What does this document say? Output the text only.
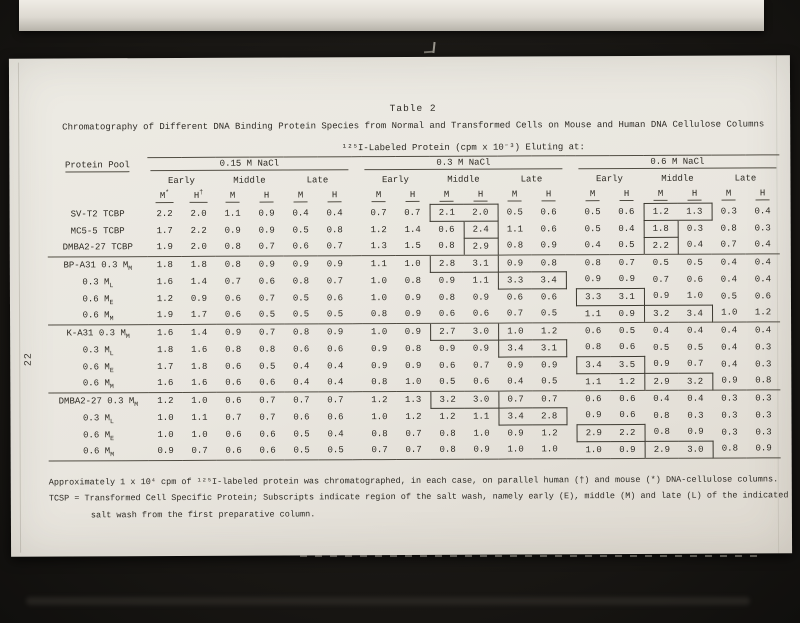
22
Table 2
Chromatography of Different DNA Binding Protein Species from Normal and Transformed Cells on Mouse and Human DNA Cellulose Columns
	¹²⁵I-Labeled Protein (cpm x 10⁻³) Eluting at:																			
Protein Pool	0.15 M NaCl							0.3 M NaCl							0.6 M NaCl					

	Early		Middle		Late			Early		Middle		Late			Early		Middle		Late	
	M*	H†	M	H	M	H		M	H	M	H	M	H		M	H	M	H	M	H
SV-T2 TCBP	2.2	2.0	1.1	0.9	0.4	0.4		0.7	0.7	2.1	2.0	0.5	0.6		0.5	0.6	1.2	1.3	0.3	0.4
MC5-5 TCBP	1.7	2.2	0.9	0.9	0.5	0.8		1.2	1.4	0.6	2.4	1.1	0.6		0.5	0.4	1.8	0.3	0.8	0.3
DMBA2-27 TCBP	1.9	2.0	0.8	0.7	0.6	0.7		1.3	1.5	0.8	2.9	0.8	0.9		0.4	0.5	2.2	0.4	0.7	0.4
BP-A31 0.3 $M_M$	1.8	1.8	0.8	0.9	0.9	0.9		1.1	1.0	2.8	3.1	0.9	0.8		0.8	0.7	0.5	0.5	0.4	0.4
0.3 $M_L$	1.6	1.4	0.7	0.6	0.8	0.7		1.0	0.8	0.9	1.1	3.3	3.4		0.9	0.9	0.7	0.6	0.4	0.4
0.6 $M_E$	1.2	0.9	0.6	0.7	0.5	0.6		1.0	0.9	0.8	0.9	0.6	0.6		3.3	3.1	0.9	1.0	0.5	0.6
0.6 $M_M$	1.9	1.7	0.6	0.5	0.5	0.5		0.8	0.9	0.6	0.6	0.7	0.5		1.1	0.9	3.2	3.4	1.0	1.2
K-A31 0.3 $M_M$	1.6	1.4	0.9	0.7	0.8	0.9		1.0	0.9	2.7	3.0	1.0	1.2		0.6	0.5	0.4	0.4	0.4	0.4
0.3 $M_L$	1.8	1.6	0.8	0.8	0.6	0.6		0.9	0.8	0.9	0.9	3.4	3.1		0.8	0.6	0.5	0.5	0.4	0.3
0.6 $M_E$	1.7	1.8	0.6	0.5	0.4	0.4		0.9	0.9	0.6	0.7	0.9	0.9		3.4	3.5	0.9	0.7	0.4	0.3
0.6 $M_M$	1.6	1.6	0.6	0.6	0.4	0.4		0.8	1.0	0.5	0.6	0.4	0.5		1.1	1.2	2.9	3.2	0.9	0.8
DMBA2-27 0.3 $M_M$	1.2	1.0	0.6	0.7	0.7	0.7		1.2	1.3	3.2	3.0	0.7	0.7		0.6	0.6	0.4	0.4	0.3	0.3
0.3 $M_L$	1.0	1.1	0.7	0.7	0.6	0.6		1.0	1.2	1.2	1.1	3.4	2.8		0.9	0.6	0.8	0.3	0.3	0.3
0.6 $M_E$	1.0	1.0	0.6	0.6	0.5	0.4		0.8	0.7	0.8	1.0	0.9	1.2		2.9	2.2	0.8	0.9	0.3	0.3
0.6 $M_M$	0.9	0.7	0.6	0.6	0.5	0.5		0.7	0.7	0.8	0.9	1.0	1.0		1.0	0.9	2.9	3.0	0.8	0.9

Approximately 1 x 10⁴ cpm of ¹²⁵I-labeled protein was chromatographed, in each case, on parallel human (†) and mouse (*) DNA-cellulose columns.

TCSP = Transformed Cell Specific Protein; Subscripts indicate region of the salt wash, namely early (E), middle (M) and late (L) of the indicated

salt wash from the first preparative column.
